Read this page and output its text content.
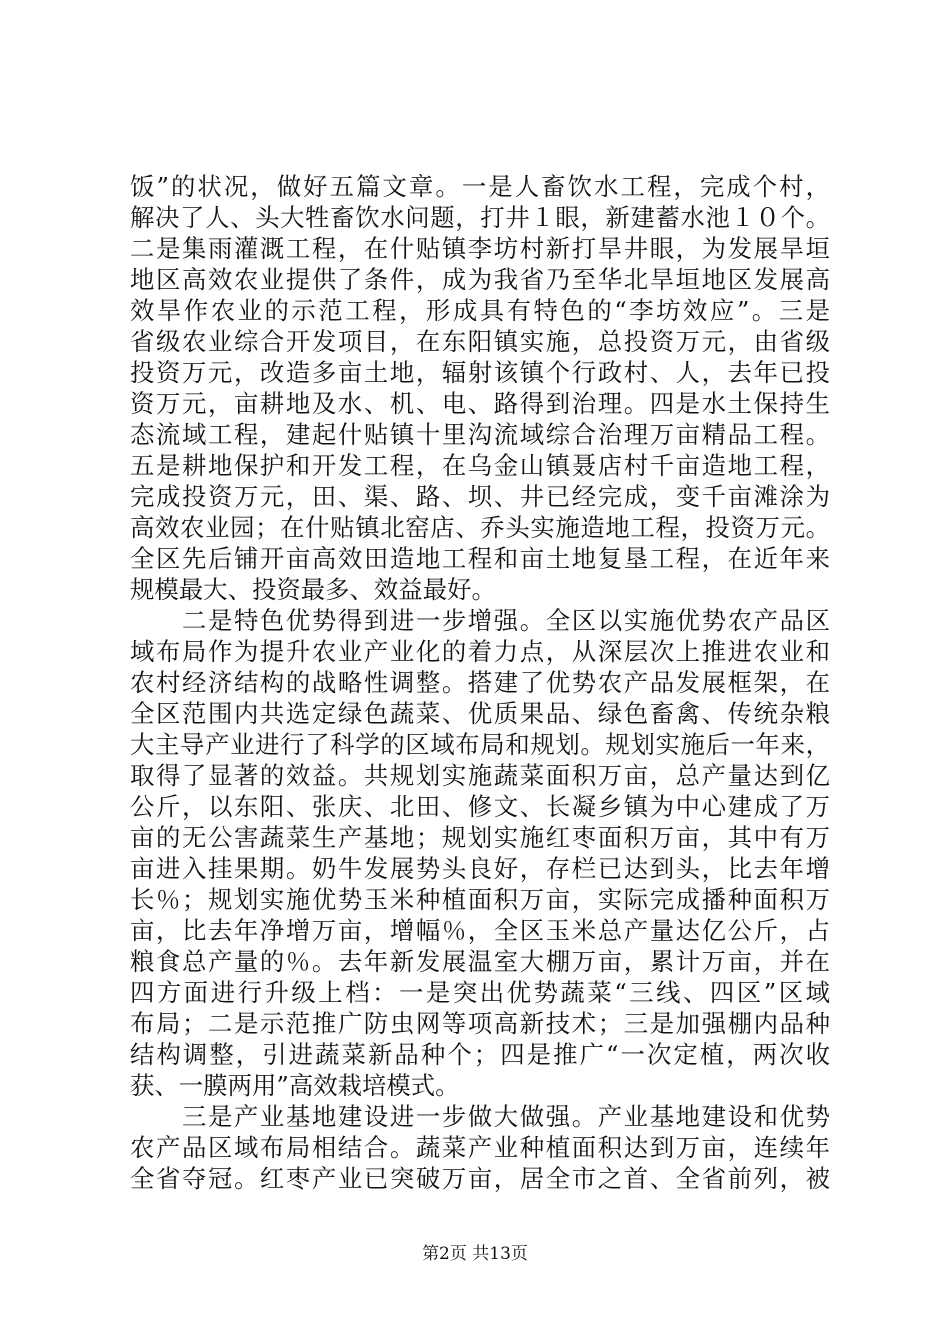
饭”的状况，做好五篇文章。一是人畜饮水工程，完成个村，
解决了人、头大牲畜饮水问题，打井１眼，新建蓄水池１０个。
二是集雨灌溉工程，在什贴镇李坊村新打旱井眼，为发展旱垣
地区高效农业提供了条件，成为我省乃至华北旱垣地区发展高
效旱作农业的示范工程，形成具有特色的“李坊效应”。三是
省级农业综合开发项目，在东阳镇实施，总投资万元，由省级
投资万元，改造多亩土地，辐射该镇个行政村、人，去年已投
资万元，亩耕地及水、机、电、路得到治理。四是水土保持生
态流域工程，建起什贴镇十里沟流域综合治理万亩精品工程。
五是耕地保护和开发工程，在乌金山镇聂店村千亩造地工程，
完成投资万元，田、渠、路、坝、井已经完成，变千亩滩涂为
高效农业园；在什贴镇北窑店、乔头实施造地工程，投资万元。
全区先后铺开亩高效田造地工程和亩土地复垦工程，在近年来
规模最大、投资最多、效益最好。
　　二是特色优势得到进一步增强。全区以实施优势农产品区
域布局作为提升农业产业化的着力点，从深层次上推进农业和
农村经济结构的战略性调整。搭建了优势农产品发展框架，在
全区范围内共选定绿色蔬菜、优质果品、绿色畜禽、传统杂粮
大主导产业进行了科学的区域布局和规划。规划实施后一年来，
取得了显著的效益。共规划实施蔬菜面积万亩，总产量达到亿
公斤，以东阳、张庆、北田、修文、长凝乡镇为中心建成了万
亩的无公害蔬菜生产基地；规划实施红枣面积万亩，其中有万
亩进入挂果期。奶牛发展势头良好，存栏已达到头，比去年增
长％；规划实施优势玉米种植面积万亩，实际完成播种面积万
亩，比去年净增万亩，增幅％，全区玉米总产量达亿公斤，占
粮食总产量的％。去年新发展温室大棚万亩，累计万亩，并在
四方面进行升级上档：一是突出优势蔬菜“三线、四区”区域
布局；二是示范推广防虫网等项高新技术；三是加强棚内品种
结构调整，引进蔬菜新品种个；四是推广“一次定植，两次收
获、一膜两用”高效栽培模式。
　　三是产业基地建设进一步做大做强。产业基地建设和优势
农产品区域布局相结合。蔬菜产业种植面积达到万亩，连续年
全省夺冠。红枣产业已突破万亩，居全市之首、全省前列，被
第2页 共13页
